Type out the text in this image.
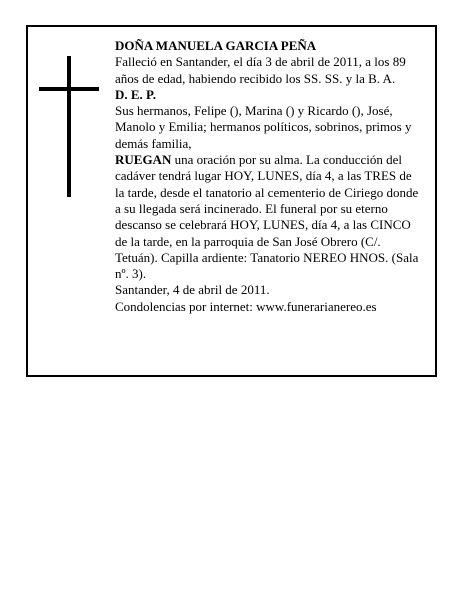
DOÑA MANUELA GARCIA PEÑA

Falleció en Santander, el día 3 de abril de 2011, a los 89 años de edad, habiendo recibido los SS. SS. y la B. A.

D. E. P.

Sus hermanos, Felipe (), Marina () y Ricardo (), José, Manolo y Emilia; hermanos políticos, sobrinos, primos y demás familia,

RUEGAN una oración por su alma. La conducción del cadáver tendrá lugar HOY, LUNES, día 4, a las TRES de la tarde, desde el tanatorio al cementerio de Ciriego donde a su llegada será incinerado. El funeral por su eterno descanso se celebrará HOY, LUNES, día 4, a las CINCO de la tarde, en la parroquia de San José Obrero (C/. Tetuán). Capilla ardiente: Tanatorio NEREO HNOS. (Sala nº. 3).

Santander, 4 de abril de 2011.

Condolencias por internet: www.funerarianereo.es
